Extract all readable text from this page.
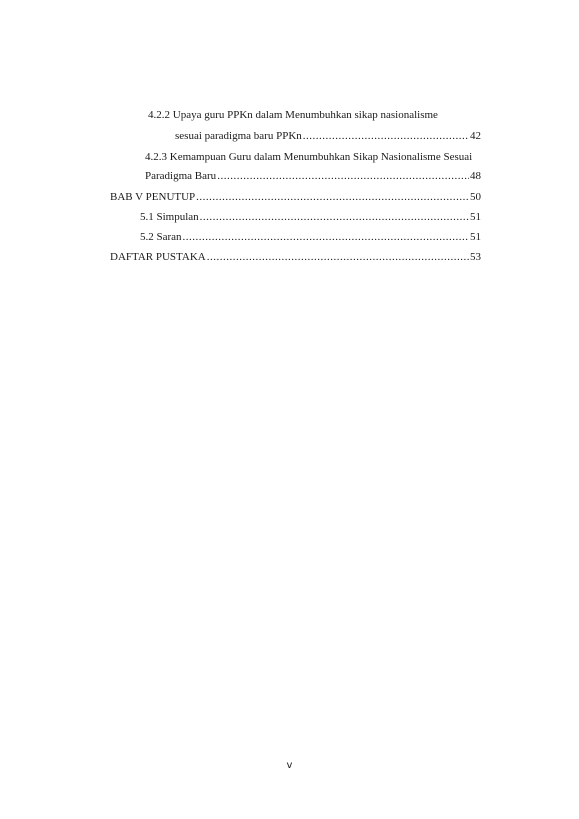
4.2.2 Upaya guru PPKn dalam Menumbuhkan sikap nasionalisme
sesuai paradigma baru PPKn .....	42
4.2.3 Kemampuan Guru dalam Menumbuhkan Sikap Nasionalisme Sesuai
Paradigma Baru .....	48
BAB V PENUTUP .....	50
5.1 Simpulan .....	51
5.2 Saran .....	51
DAFTAR PUSTAKA .....	53
v
